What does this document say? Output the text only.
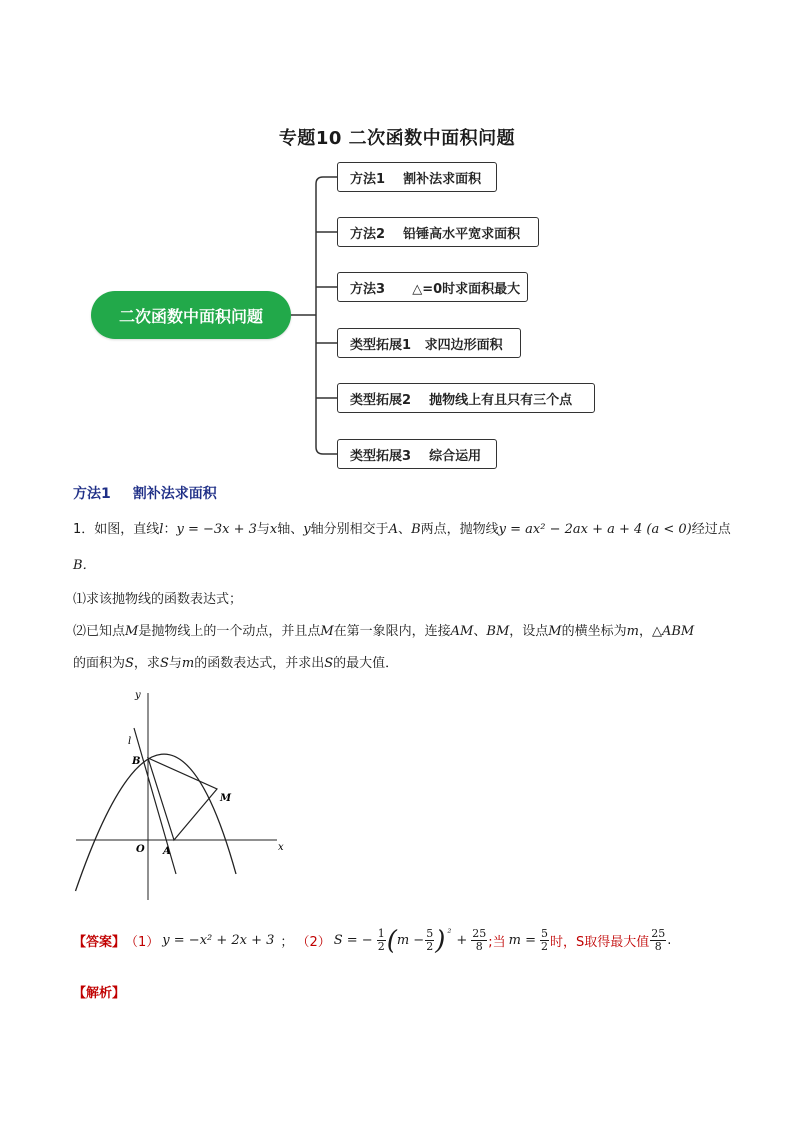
专题10 二次函数中面积问题
二次函数中面积问题
方法1    割补法求面积
方法2    铅锤高水平宽求面积
方法3      △=0时求面积最大
类型拓展1   求四边形面积
类型拓展2    抛物线上有且只有三个点
类型拓展3    综合运用
方法1 割补法求面积
1．如图，直线l：y = −3x + 3与x轴、y轴分别相交于A、B两点，抛物线y = ax² − 2ax + a + 4 (a < 0)经过点
B．
⑴求该抛物线的函数表达式；
⑵已知点M是抛物线上的一个动点，并且点M在第一象限内，连接AM、BM，设点M的横坐标为m，△ABM
的面积为S，求S与m的函数表达式，并求出S的最大值．
y
x
l
B
M
O A
【答案】 （1） y = −x² + 2x + 3 ； （2） S = − $\frac{1}{2}$ ( $m - \frac{5}{2}$ ) $^2 + \frac{25}{8}$ ;当 $m = \frac{5}{2}$ 时，S取得最大值 $\frac{25}{8}$ .
【解析】
